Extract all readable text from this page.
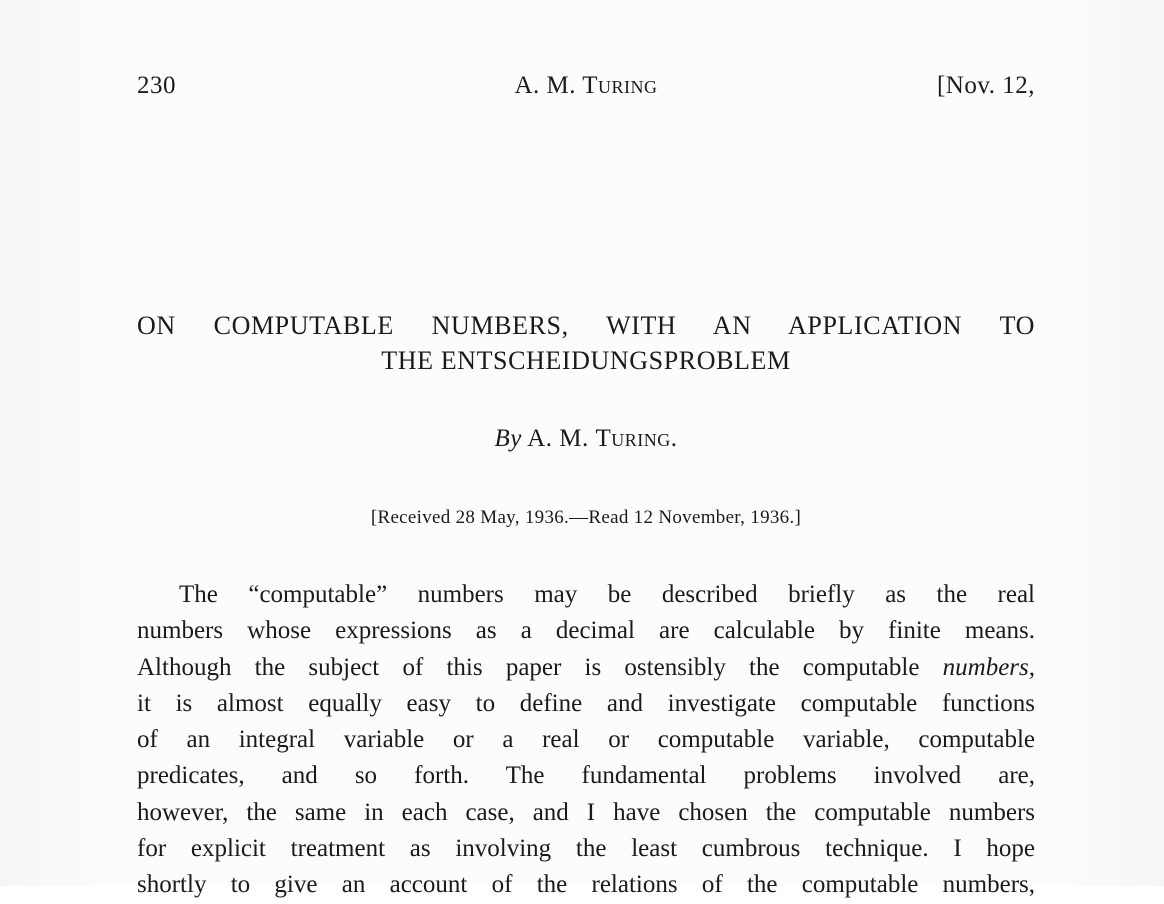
230	A. M. Turing	[Nov. 12,
ON COMPUTABLE NUMBERS, WITH AN APPLICATION TO
THE ENTSCHEIDUNGSPROBLEM
By A. M. Turing.
[Received 28 May, 1936.—Read 12 November, 1936.]
The “computable” numbers may be described briefly as the real
numbers whose expressions as a decimal are calculable by finite means.
Although the subject of this paper is ostensibly the computable numbers,
it is almost equally easy to define and investigate computable functions
of an integral variable or a real or computable variable, computable
predicates, and so forth. The fundamental problems involved are,
however, the same in each case, and I have chosen the computable numbers
for explicit treatment as involving the least cumbrous technique. I hope
shortly to give an account of the relations of the computable numbers,
